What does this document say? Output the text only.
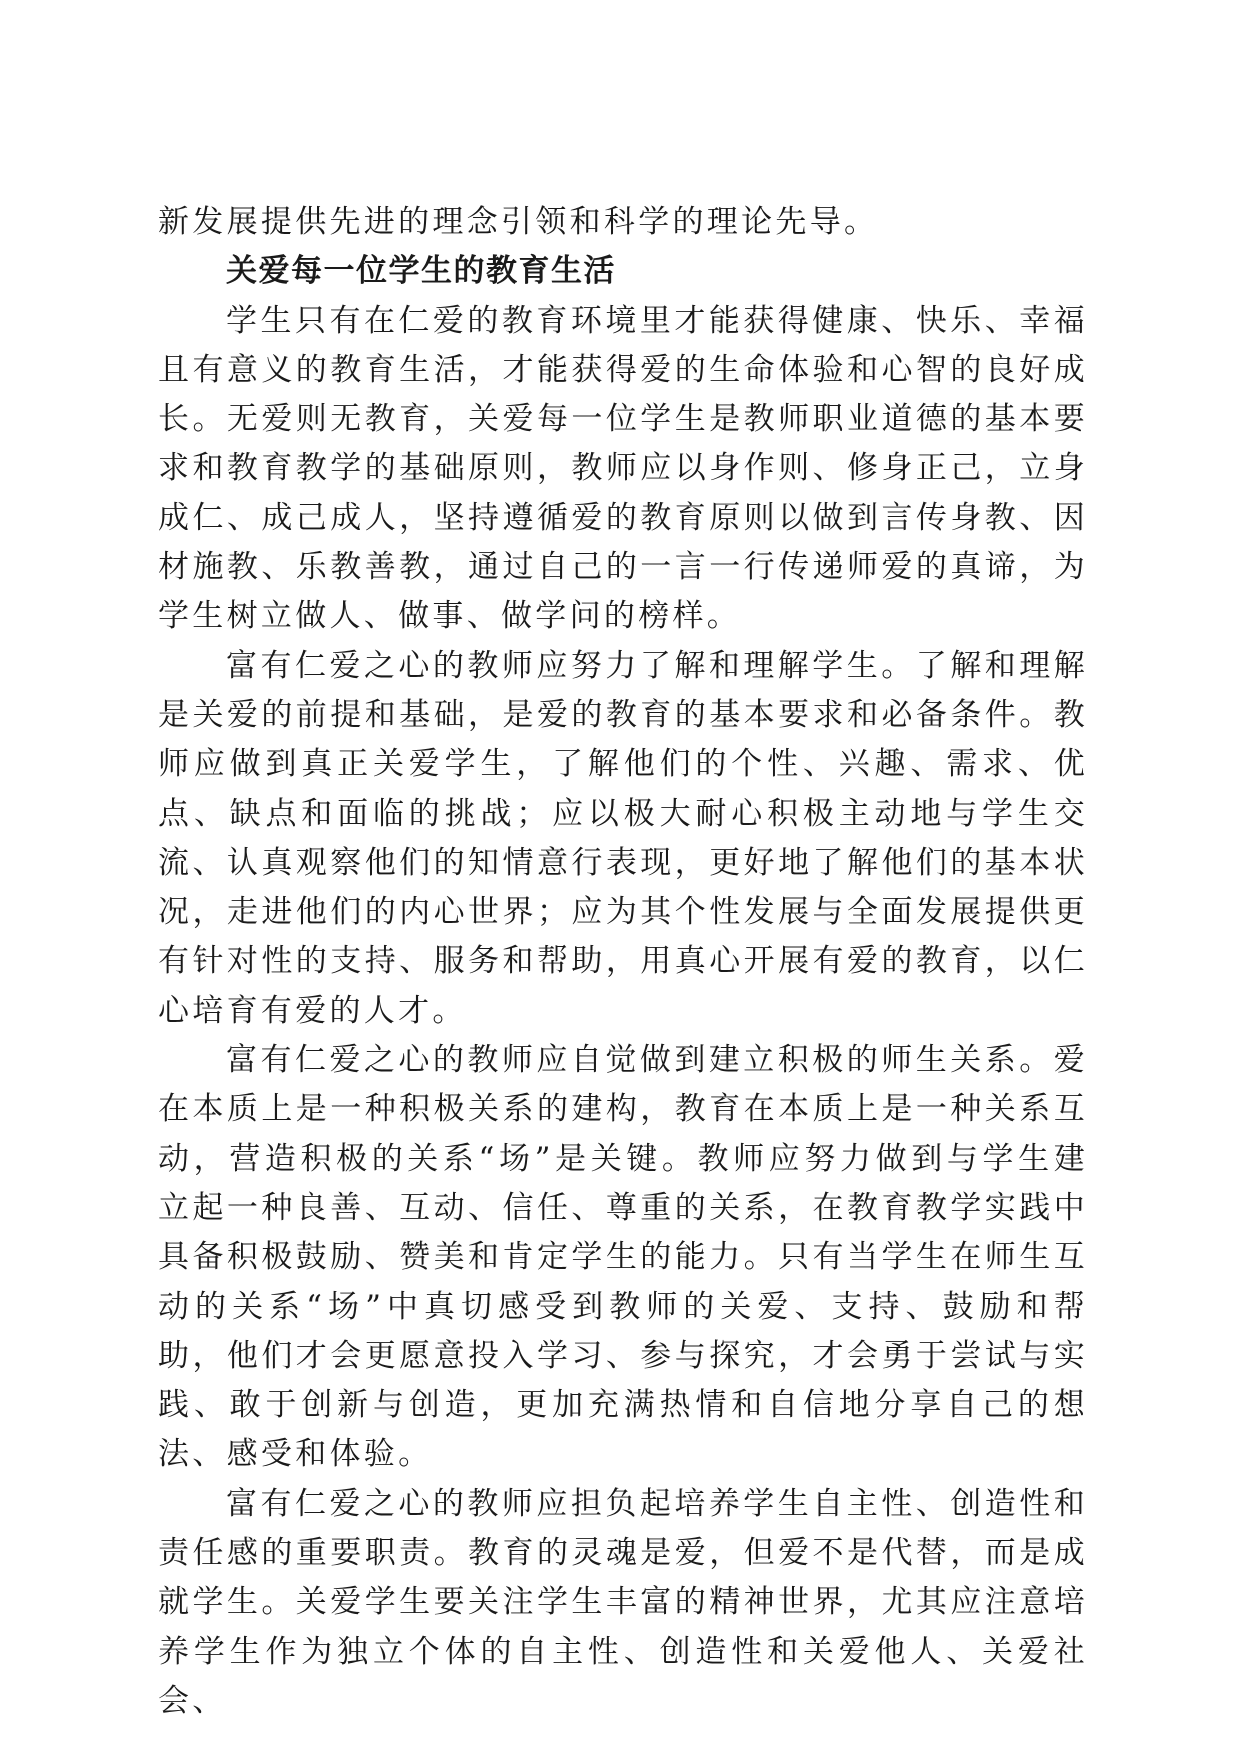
新发展提供先进的理念引领和科学的理论先导。

关爱每一位学生的教育生活

学生只有在仁爱的教育环境里才能获得健康、快乐、幸福且有意义的教育生活，才能获得爱的生命体验和心智的良好成长。无爱则无教育，关爱每一位学生是教师职业道德的基本要求和教育教学的基础原则，教师应以身作则、修身正己，立身成仁、成己成人，坚持遵循爱的教育原则以做到言传身教、因材施教、乐教善教，通过自己的一言一行传递师爱的真谛，为学生树立做人、做事、做学问的榜样。

富有仁爱之心的教师应努力了解和理解学生。了解和理解是关爱的前提和基础，是爱的教育的基本要求和必备条件。教师应做到真正关爱学生，了解他们的个性、兴趣、需求、优点、缺点和面临的挑战；应以极大耐心积极主动地与学生交流、认真观察他们的知情意行表现，更好地了解他们的基本状况，走进他们的内心世界；应为其个性发展与全面发展提供更有针对性的支持、服务和帮助，用真心开展有爱的教育，以仁心培育有爱的人才。

富有仁爱之心的教师应自觉做到建立积极的师生关系。爱在本质上是一种积极关系的建构，教育在本质上是一种关系互动，营造积极的关系“场”是关键。教师应努力做到与学生建立起一种良善、互动、信任、尊重的关系，在教育教学实践中具备积极鼓励、赞美和肯定学生的能力。只有当学生在师生互动的关系“场”中真切感受到教师的关爱、支持、鼓励和帮助，他们才会更愿意投入学习、参与探究，才会勇于尝试与实践、敢于创新与创造，更加充满热情和自信地分享自己的想法、感受和体验。

富有仁爱之心的教师应担负起培养学生自主性、创造性和责任感的重要职责。教育的灵魂是爱，但爱不是代替，而是成就学生。关爱学生要关注学生丰富的精神世界，尤其应注意培养学生作为独立个体的自主性、创造性和关爱他人、关爱社会、
